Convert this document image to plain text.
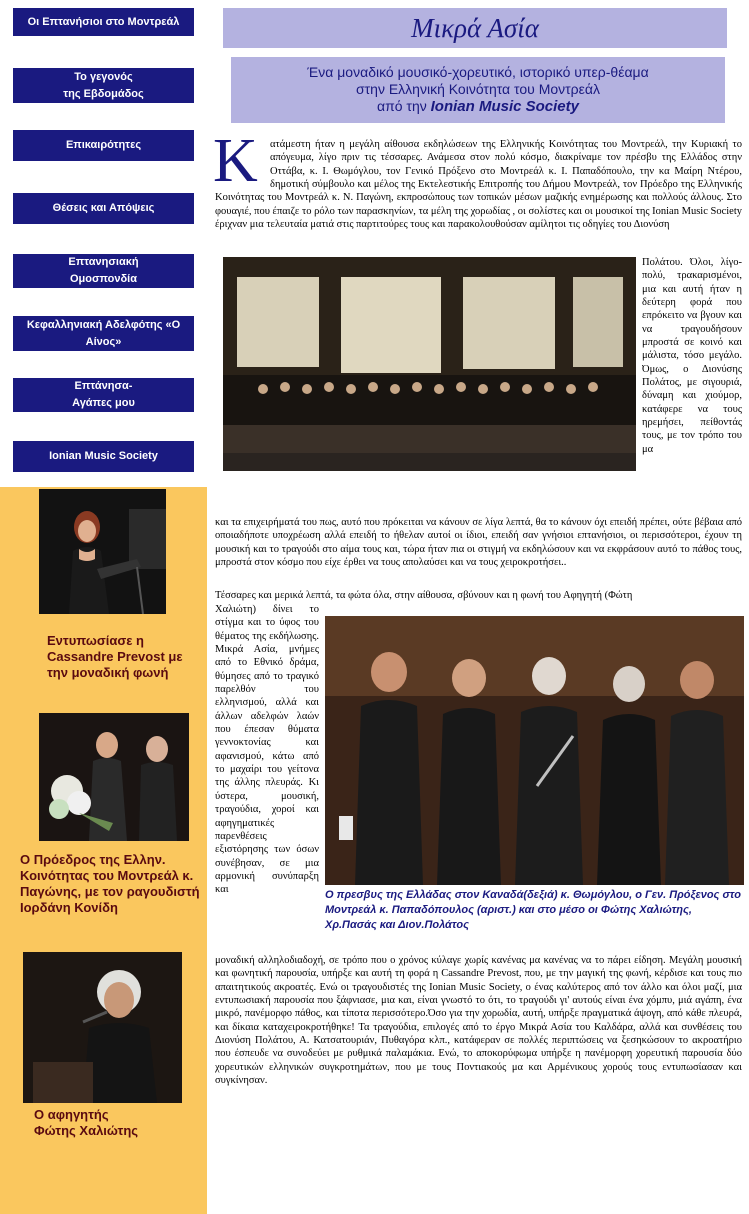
Οι Επτανήσιοι στο Μοντρεάλ
Το γεγονός
της Εβδομάδος
Επικαιρότητες
Θέσεις και Απόψεις
Επτανησιακή
Ομοσπονδία
Κεφαλληνιακή Αδελφότης «Ο Αίνος»
Επτάνησα-
Αγάπες μου
Ionian Music Society
Εντυπωσίασε η Cassandre Prevost με την μοναδική φωνή
Ο Πρόεδρος της Ελλην. Κοινότητας του Μοντρεάλ κ. Παγώνης, με τον ραγουδιστή Ιορδάνη Κονίδη
Ο αφηγητής
Φώτης Χαλιώτης
Μικρά Ασία
Ένα μοναδικό μουσικό-χορευτικό, ιστορικό υπερ-θέαμα
στην Ελληνική Κοινότητα του Μοντρεάλ
από την Ionian Music Society
Κ	ατάμεστη ήταν η μεγάλη αίθουσα εκδηλώσεων της Ελληνικής Κοινότητας του Μοντρεάλ, την Κυριακή το απόγευμα, λίγο πριν τις τέσσαρες. Ανάμεσα στον πολύ κόσμο, διακρίναμε τον πρέσβυ της Ελλάδος στην Οττάβα, κ. Ι. Θωμόγλου, τον Γενικό Πρόξενο στο Μοντρεάλ κ. Ι. Παπαδόπουλο, την κα Μαίρη Ντέρου, δημοτική σύμβουλο και μέλος της Εκτελεστικής Επιτροπής του Δήμου Μοντρεάλ, τον Πρόεδρο της Ελληνικής Κοινότητας του Μοντρεάλ κ. Ν. Παγώνη, εκπροσώπους των τοπικών μέσων μαζικής ενημέρωσης και πολλούς άλλους. Στο φουαγιέ, που έπαιζε το ρόλο των παρασκηνίων, τα μέλη της χορωδίας , οι σολίστες και οι μουσικοί της Ionian Music Society έριχναν μια τελευταία ματιά στις παρτιτούρες τους και παρακολουθούσαν αμίλητοι τις οδηγίες του Διονύση
Πολάτου. Όλοι, λίγο- πολύ, τρακαρισμένοι, μια και αυτή ήταν η δεύτερη φορά που επρόκειτο να βγουν και να τραγουδήσουν μπροστά σε κοινό και μάλιστα, τόσο μεγάλο. Όμως, ο Διονύσης Πολάτος, με σιγουριά, δύναμη και χιούμορ, κατάφερε να τους ηρεμήσει, πείθοντάς τους, με τον τρόπο του μα
και τα επιχειρήματά του πως, αυτό που πρόκειται να κάνουν σε λίγα λεπτά, θα το κάνουν όχι επειδή πρέπει, ούτε βέβαια από οποιαδήποτε υποχρέωση αλλά επειδή το ήθελαν αυτοί οι ίδιοι, επειδή σαν γνήσιοι επτανήσιοι, οι περισσότεροι, έχουν τη μουσική και το τραγούδι στο αίμα τους και, τώρα ήταν πια οι στιγμή να εκδηλώσουν και να εκφράσουν αυτό το πάθος τους, μπροστά στον κόσμο που είχε έρθει να τους απολαύσει και να τους χειροκροτήσει..
Τέσσαρες και μερικά λεπτά, τα φώτα όλα, στην αίθουσα, σβύνουν και η φωνή του Αφηγητή (Φώτη
Χαλιώτη) δίνει το στίγμα και το ύφος του θέματος της εκδήλωσης. Μικρά Ασία, μνήμες από το Εθνικό δράμα, θύμησες από το τραγικό παρελθόν του ελληνισμού, αλλά και άλλων αδελφών λαών που έπεσαν θύματα γεννοκτονίας και αφανισμού, κάτω από το μαχαίρι του γείτονα της άλλης πλευράς. Κι ύστερα, μουσική, τραγούδια, χοροί και αφηγηματικές παρενθέσεις εξιστόρησης των όσων συνέβησαν, σε μια αρμονική συνύπαρξη και	Ο πρεσβυς της Ελλάδας στον Καναδά(δεξιά) κ. Θωμόγλου, ο Γεν. Πρόξενος στο Μοντρεάλ κ. Παπαδόπουλος (αριστ.) και στο μέσο οι Φώτης Χαλιώτης, Χρ.Πασάς και Διον.Πολάτος
μοναδική αλληλοδιαδοχή, σε τρόπο που ο χρόνος κύλαγε χωρίς κανένας μα κανένας να το πάρει είδηση. Μεγάλη μουσική και φωνητική παρουσία, υπήρξε και αυτή τη φορά η Cassandre Prevost, που, με την μαγική της φωνή, κέρδισε και τους πιο απαιτητικούς ακροατές. Ενώ οι τραγουδιστές της Ionian Music Society, ο ένας καλύτερος από τον άλλο και όλοι μαζί, μια εντυπωσιακή παρουσία που ξάφνιασε, μια και, είναι γνωστό το ότι, το τραγούδι γι' αυτούς είναι ένα χόμπυ, μιά αγάπη, ένα μικρό, πανέμορφο πάθος, και τίποτα περισσότερο.Όσο για την χορωδία, αυτή, υπήρξε πραγματικά άψογη, από κάθε πλευρά, και δίκαια καταχειροκροτήθηκε! Τα τραγούδια, επιλογές από το έργο Μικρά Ασία του Καλδάρα, αλλά και συνθέσεις του Διονύση Πολάτου, Α. Κατσατουριάν, Πυθαγόρα κλπ., κατάφεραν σε πολλές περιπτώσεις να ξεσηκώσουν το ακροατήριο που έσπευδε να συνοδεύει με ρυθμικά παλαμάκια. Ενώ, το αποκορύφωμα υπήρξε η πανέμορφη χορευτική παρουσία δύο χορευτικών ελληνικών συγκροτημάτων, που με τους Ποντιακούς μα και Αρμένικους χορούς τους εντυπωσίασαν και συγκίνησαν.
